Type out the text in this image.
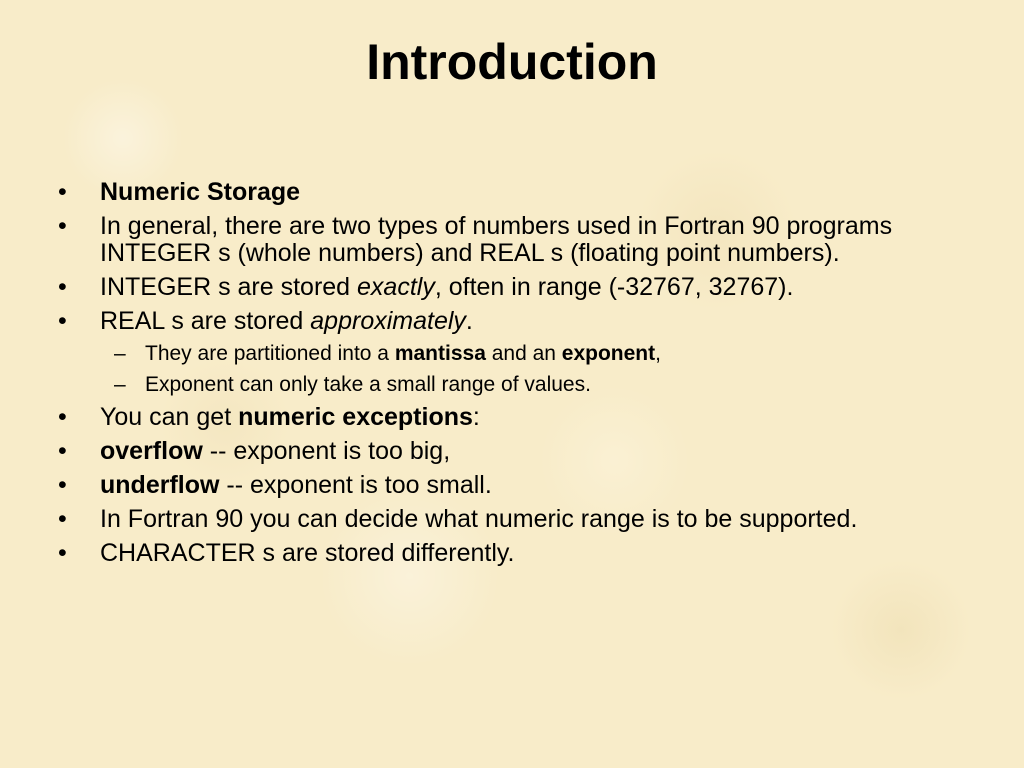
Introduction
•	Numeric Storage
•	In general, there are two types of numbers used in Fortran 90 programs INTEGER s (whole numbers) and REAL s (floating point numbers).
•	INTEGER s are stored exactly, often in range (-32767, 32767).
•	REAL s are stored approximately.
– They are partitioned into a mantissa and an exponent,
– Exponent can only take a small range of values.
•	You can get numeric exceptions:
•	overflow -- exponent is too big,
•	underflow -- exponent is too small.
•	In Fortran 90 you can decide what numeric range is to be supported.
•	CHARACTER s are stored differently.
